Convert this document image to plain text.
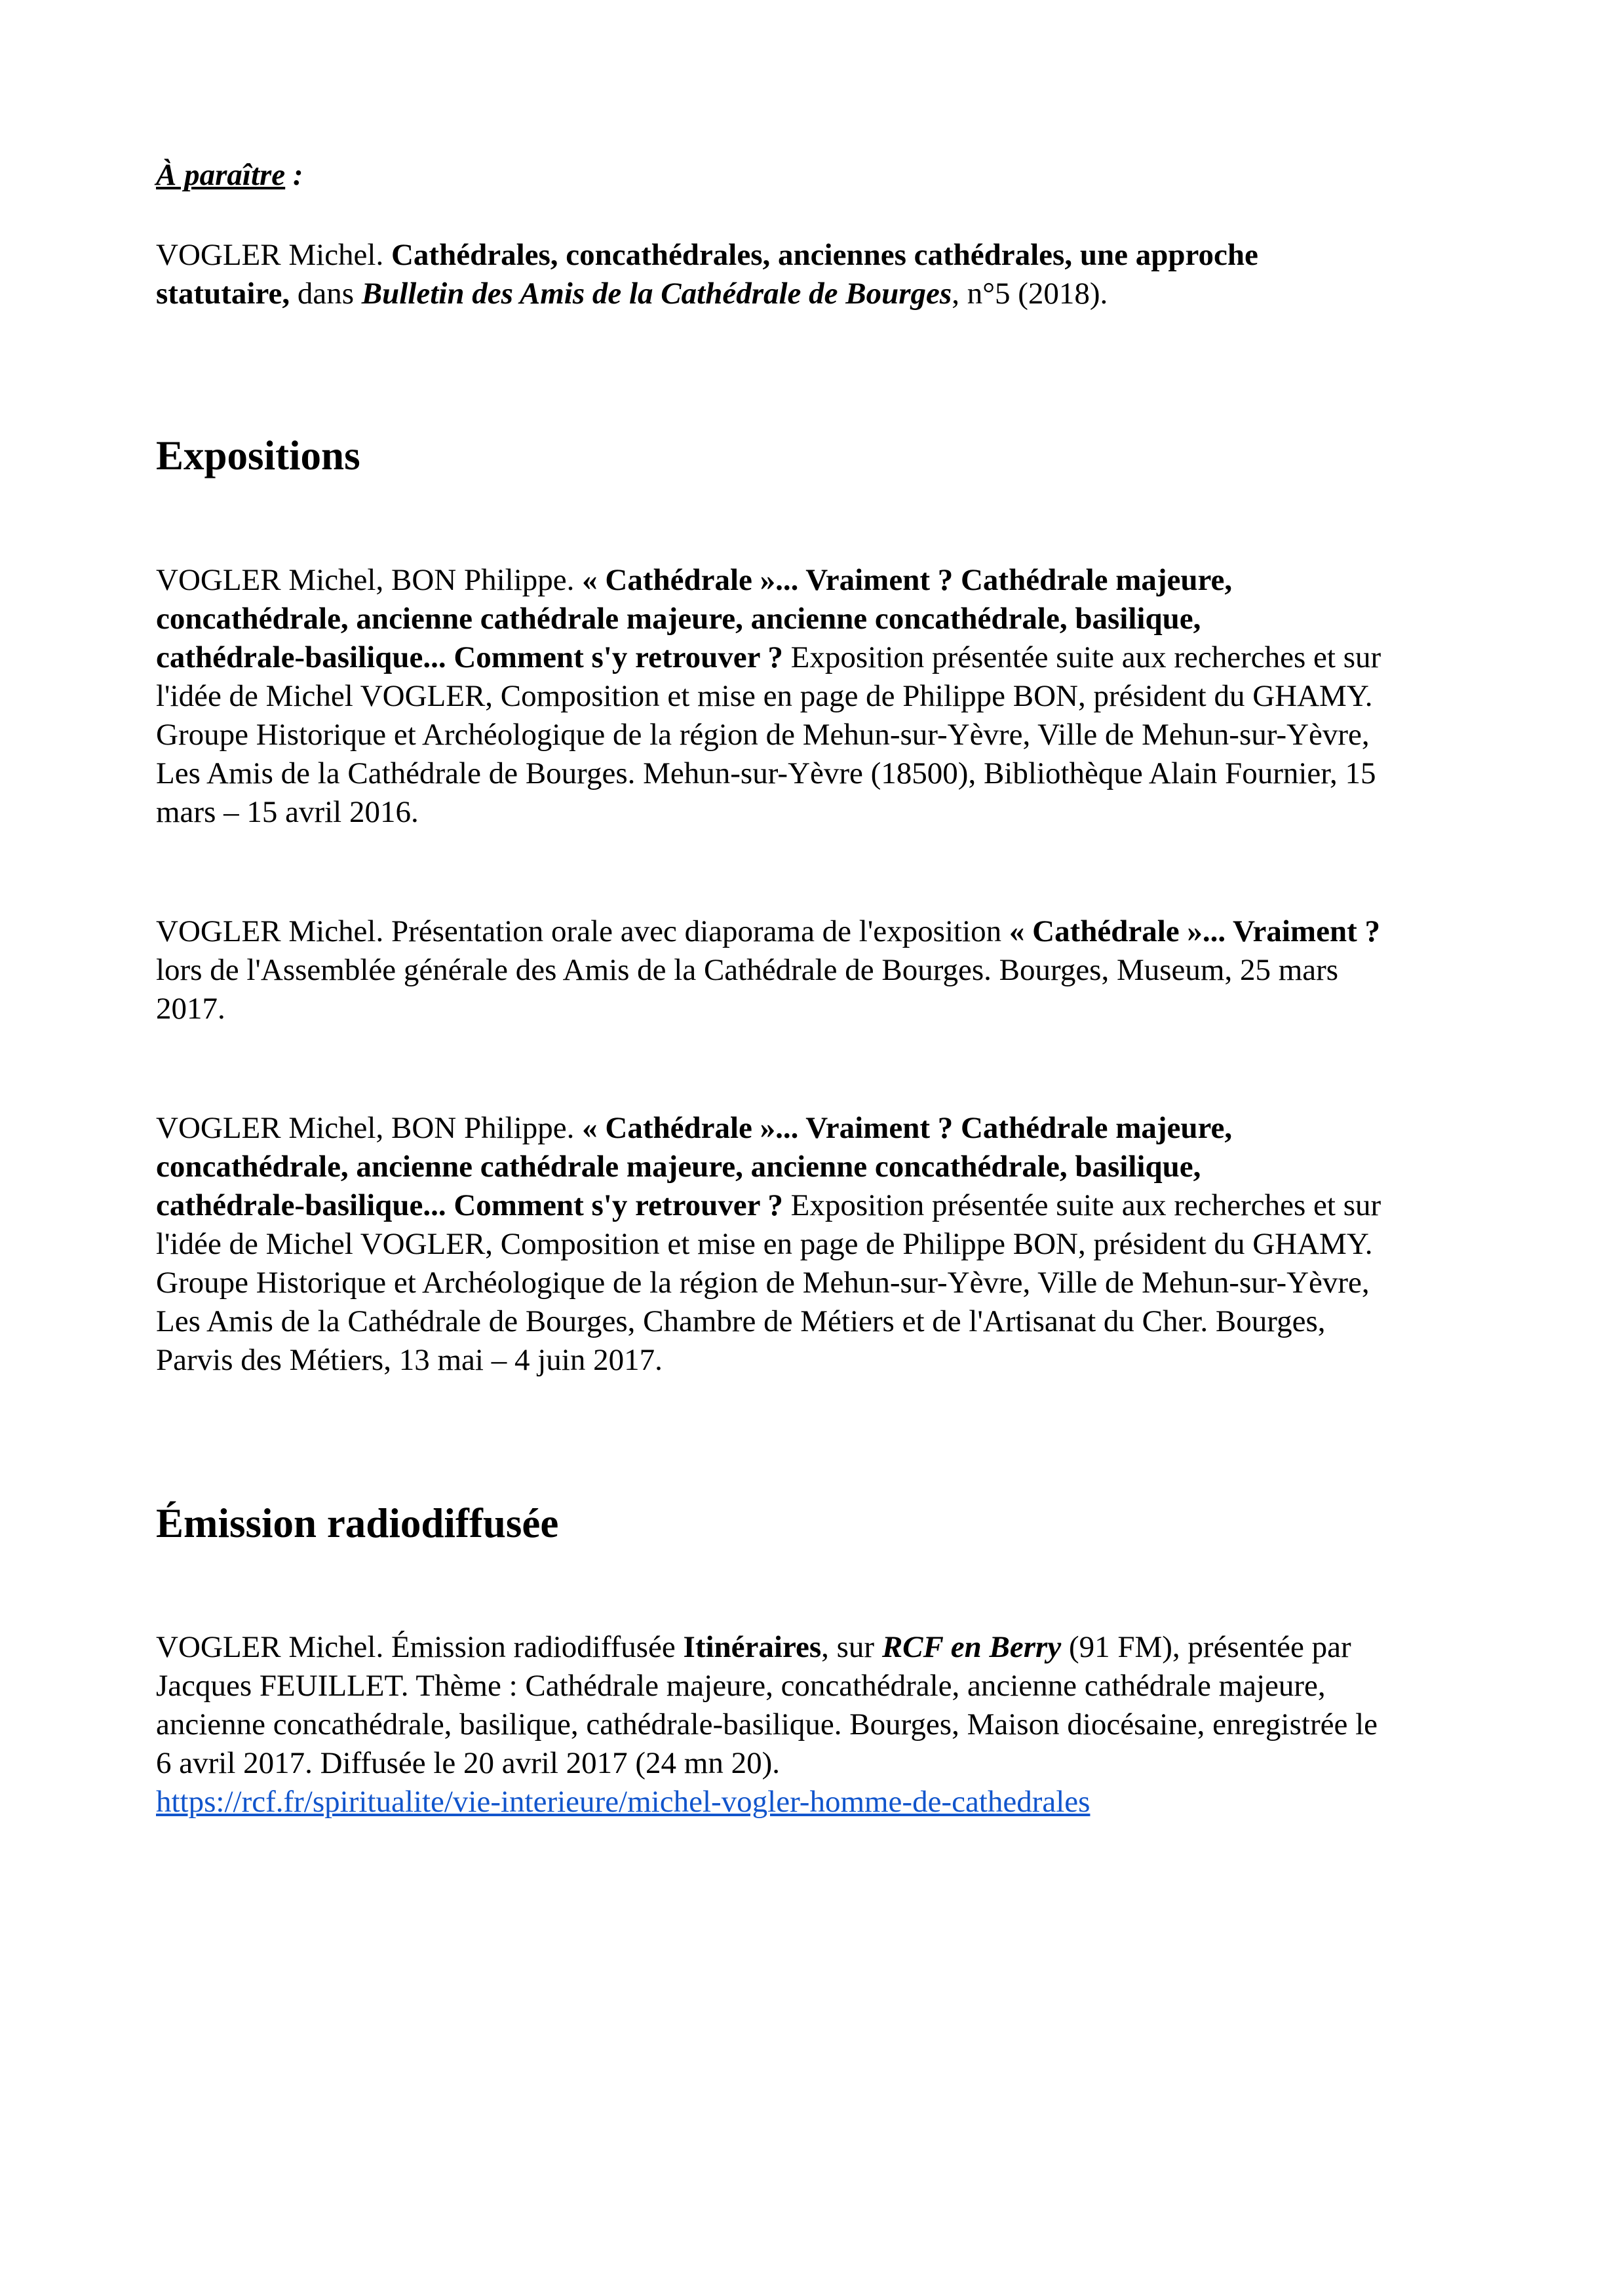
À paraître :

VOGLER Michel. Cathédrales, concathédrales, anciennes cathédrales, une approche
statutaire, dans Bulletin des Amis de la Cathédrale de Bourges, n°5 (2018).
Expositions
VOGLER Michel, BON Philippe. « Cathédrale »... Vraiment ? Cathédrale majeure,
concathédrale, ancienne cathédrale majeure, ancienne concathédrale, basilique,
cathédrale-basilique... Comment s'y retrouver ? Exposition présentée suite aux recherches et sur
l'idée de Michel VOGLER, Composition et mise en page de Philippe BON, président du GHAMY.
Groupe Historique et Archéologique de la région de Mehun-sur-Yèvre, Ville de Mehun-sur-Yèvre,
Les Amis de la Cathédrale de Bourges. Mehun-sur-Yèvre (18500), Bibliothèque Alain Fournier, 15
mars – 15 avril 2016.
VOGLER Michel. Présentation orale avec diaporama de l'exposition « Cathédrale »... Vraiment ?
lors de l'Assemblée générale des Amis de la Cathédrale de Bourges. Bourges, Museum, 25 mars
2017.
VOGLER Michel, BON Philippe. « Cathédrale »... Vraiment ? Cathédrale majeure,
concathédrale, ancienne cathédrale majeure, ancienne concathédrale, basilique,
cathédrale-basilique... Comment s'y retrouver ? Exposition présentée suite aux recherches et sur
l'idée de Michel VOGLER, Composition et mise en page de Philippe BON, président du GHAMY.
Groupe Historique et Archéologique de la région de Mehun-sur-Yèvre, Ville de Mehun-sur-Yèvre,
Les Amis de la Cathédrale de Bourges, Chambre de Métiers et de l'Artisanat du Cher. Bourges,
Parvis des Métiers, 13 mai – 4 juin 2017.
Émission radiodiffusée
VOGLER Michel. Émission radiodiffusée Itinéraires, sur RCF en Berry (91 FM), présentée par
Jacques FEUILLET. Thème : Cathédrale majeure, concathédrale, ancienne cathédrale majeure,
ancienne concathédrale, basilique, cathédrale-basilique. Bourges, Maison diocésaine, enregistrée le
6 avril 2017. Diffusée le 20 avril 2017 (24 mn 20).
https://rcf.fr/spiritualite/vie-interieure/michel-vogler-homme-de-cathedrales
